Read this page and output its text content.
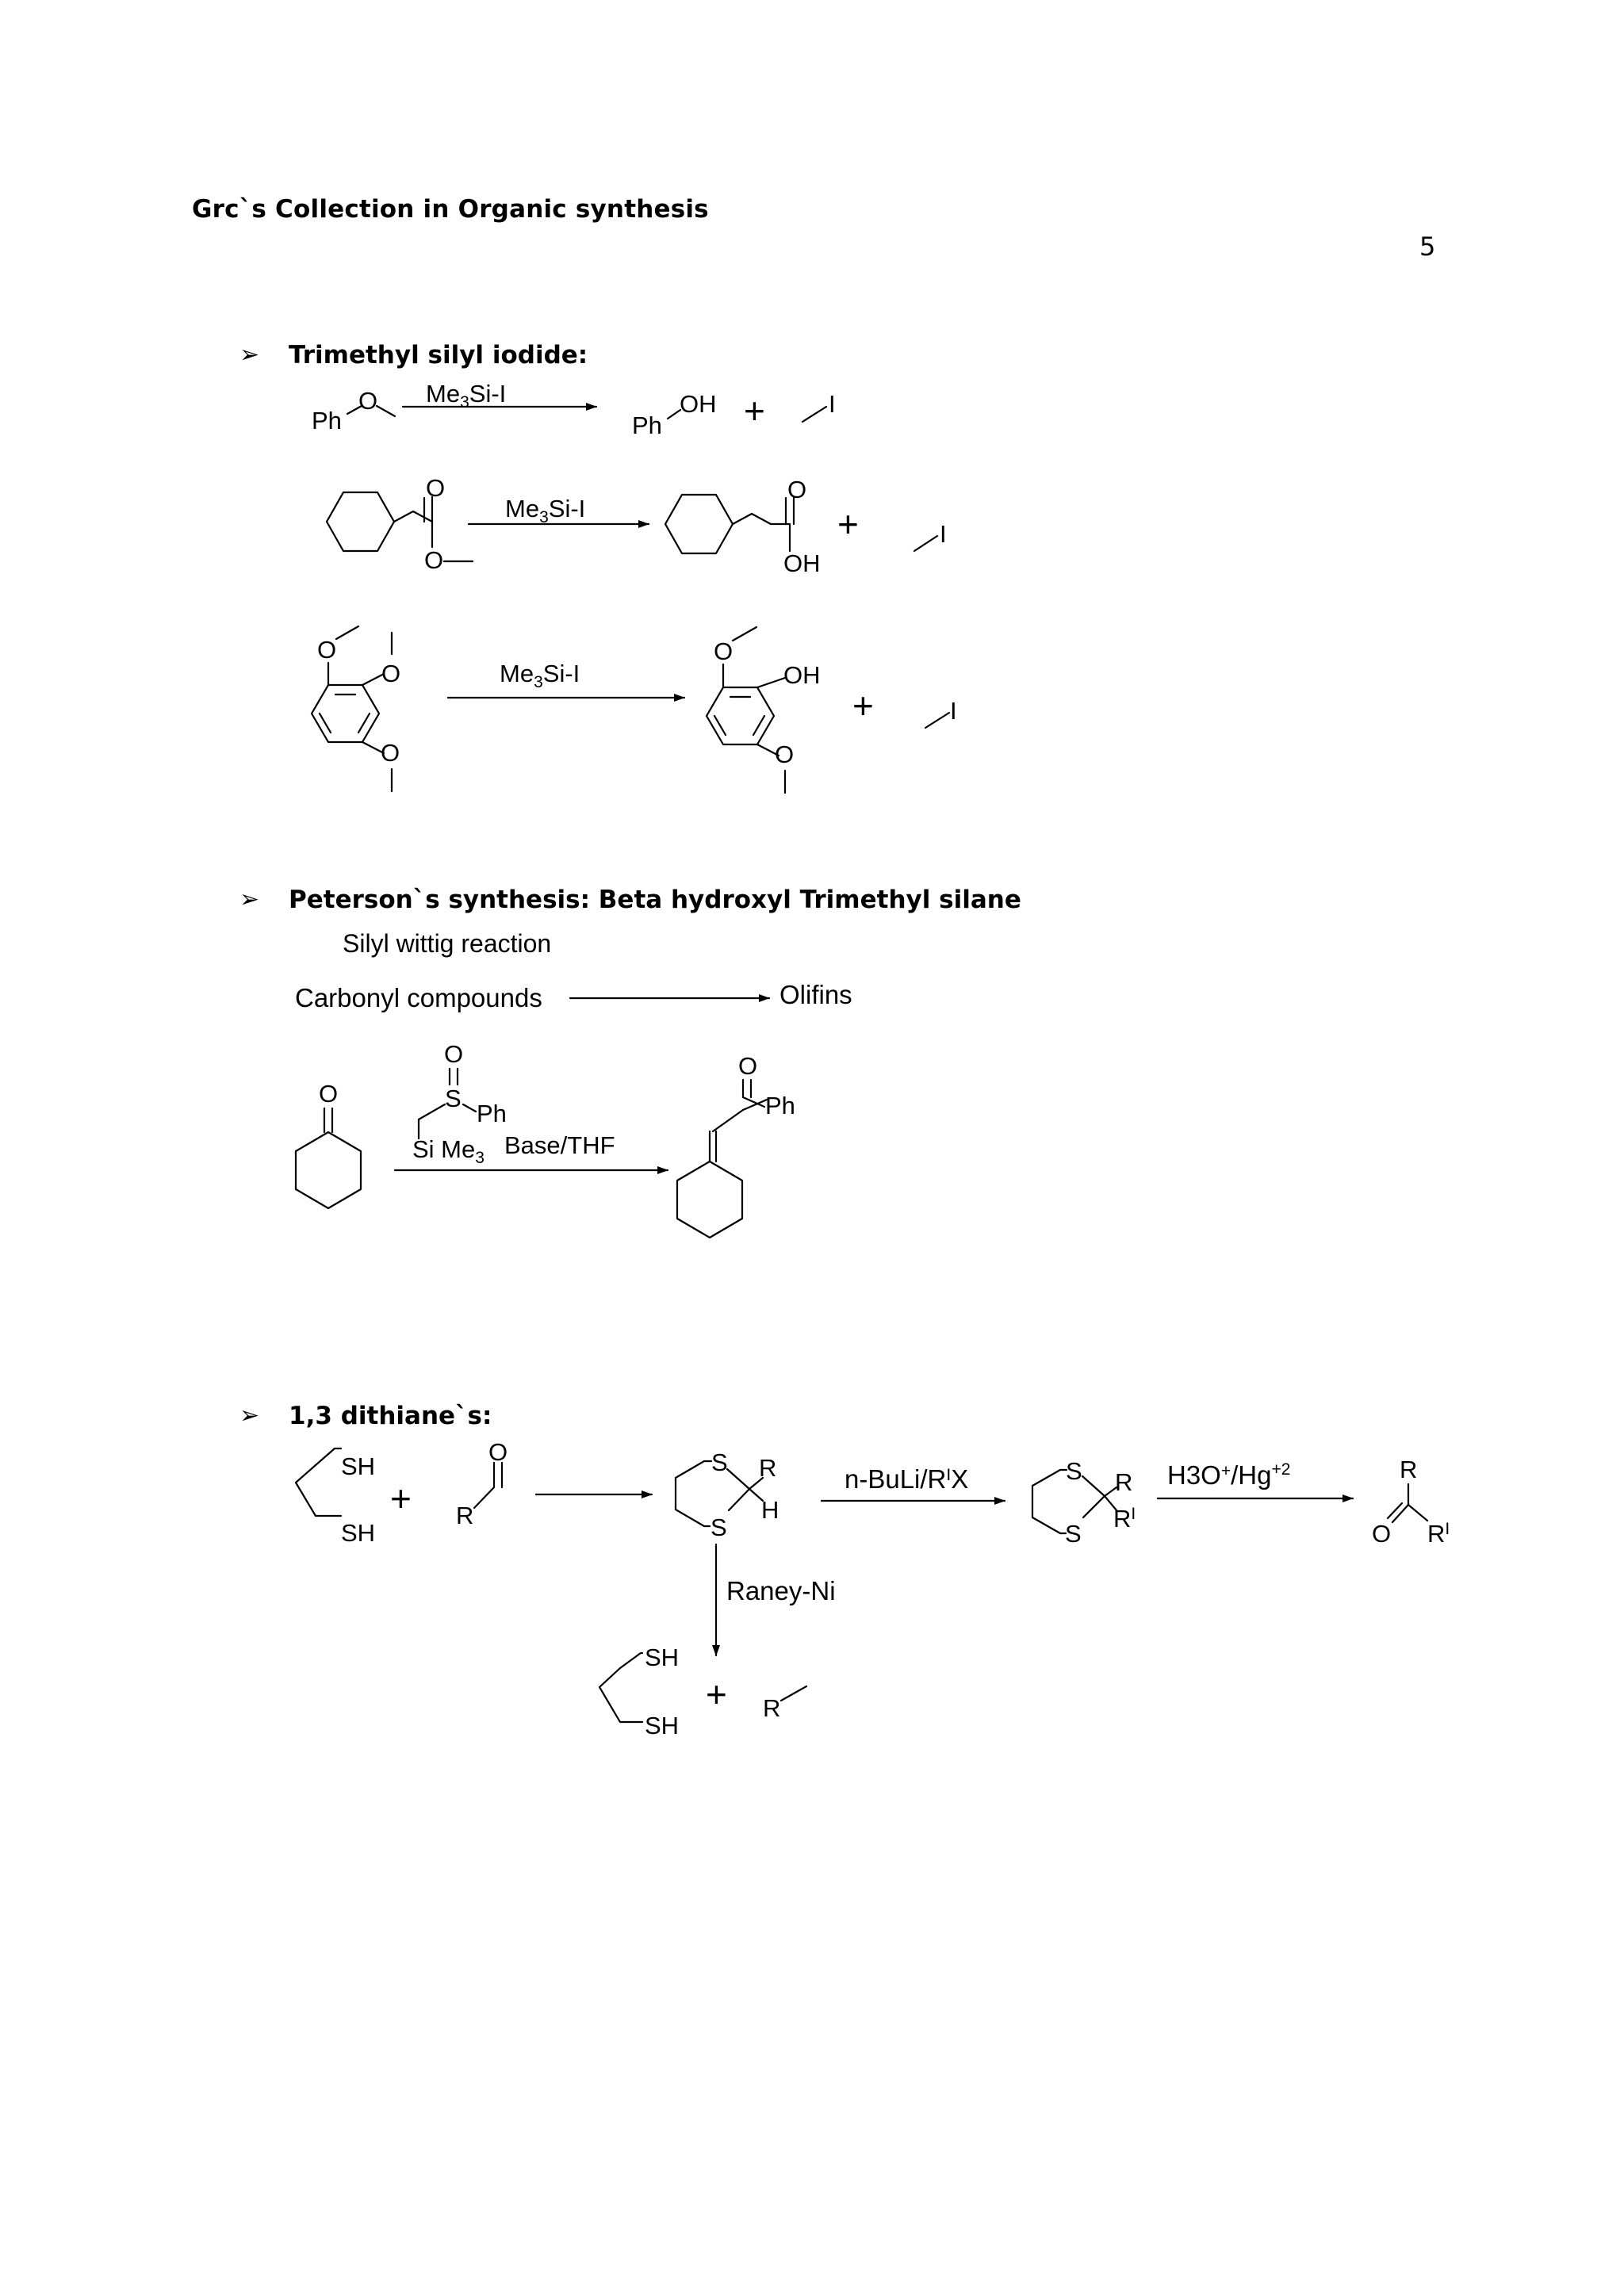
Grc`s Collection in Organic synthesis
5
➢ Trimethyl silyl iodide:
➢ Peterson`s synthesis: Beta hydroxyl Trimethyl silane
Silyl wittig reaction
➢ 1,3 dithiane`s:
Ph
O $Me_3Si-I$
Ph
OH +	I
O
O
$Me_3Si-I$
O
OH
+	I
O
O
O
$Me_3Si-I$
O
OH
O
+	I
Carbonyl compounds	Olifins
O
O
S
Ph
Si $Me_3$ Base/THF
O
Ph
SH
SH
+ R
O
S
S R
H
$n-BuLi/R^IX$
S
S R
$R^I$
$H3O^+/Hg^{+2}$	R
O $R^I$
Raney-Ni
SH
SH
+ R
